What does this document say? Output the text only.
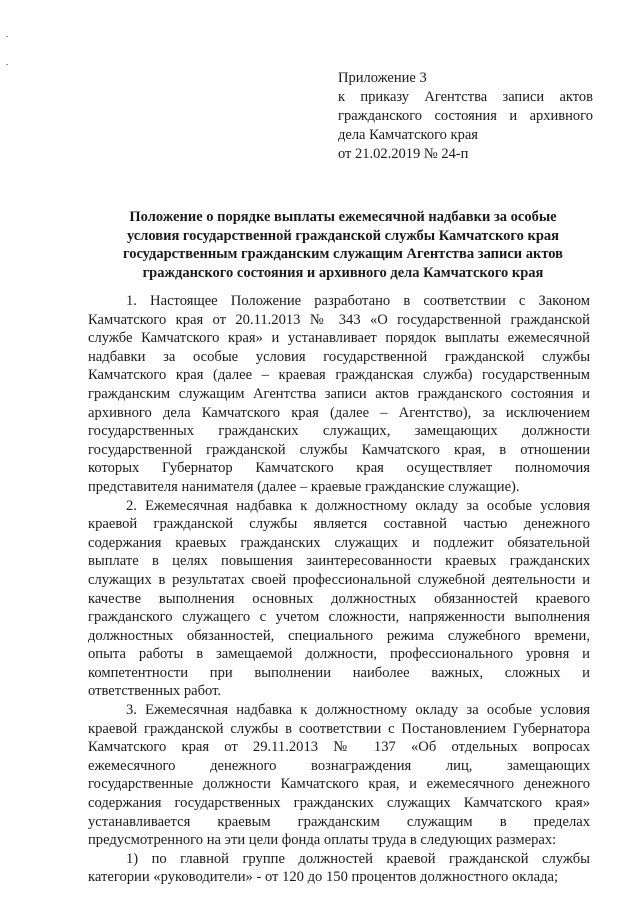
Приложение 3
к приказу Агентства записи актов
гражданского состояния и архивного
дела Камчатского края
от 21.02.2019 № 24-п
Положение о порядке выплаты ежемесячной надбавки за особые
условия государственной гражданской службы Камчатского края
государственным гражданским служащим Агентства записи актов
гражданского состояния и архивного дела Камчатского края
1. Настоящее Положение разработано в соответствии с Законом
Камчатского края от 20.11.2013 № 343 «О государственной гражданской
службе Камчатского края» и устанавливает порядок выплаты ежемесячной
надбавки за особые условия государственной гражданской службы
Камчатского края (далее – краевая гражданская служба) государственным
гражданским служащим Агентства записи актов гражданского состояния и
архивного дела Камчатского края (далее – Агентство), за исключением
государственных гражданских служащих, замещающих должности
государственной гражданской службы Камчатского края, в отношении
которых Губернатор Камчатского края осуществляет полномочия
представителя нанимателя (далее – краевые гражданские служащие).
2. Ежемесячная надбавка к должностному окладу за особые условия
краевой гражданской службы является составной частью денежного
содержания краевых гражданских служащих и подлежит обязательной
выплате в целях повышения заинтересованности краевых гражданских
служащих в результатах своей профессиональной служебной деятельности и
качестве выполнения основных должностных обязанностей краевого
гражданского служащего с учетом сложности, напряженности выполнения
должностных обязанностей, специального режима служебного времени,
опыта работы в замещаемой должности, профессионального уровня и
компетентности при выполнении наиболее важных, сложных и
ответственных работ.
3. Ежемесячная надбавка к должностному окладу за особые условия
краевой гражданской службы в соответствии с Постановлением Губернатора
Камчатского края от 29.11.2013 № 137 «Об отдельных вопросах
ежемесячного денежного вознаграждения лиц, замещающих
государственные должности Камчатского края, и ежемесячного денежного
содержания государственных гражданских служащих Камчатского края»
устанавливается краевым гражданским служащим в пределах
предусмотренного на эти цели фонда оплаты труда в следующих размерах:
1) по главной группе должностей краевой гражданской службы
категории «руководители» - от 120 до 150 процентов должностного оклада;
